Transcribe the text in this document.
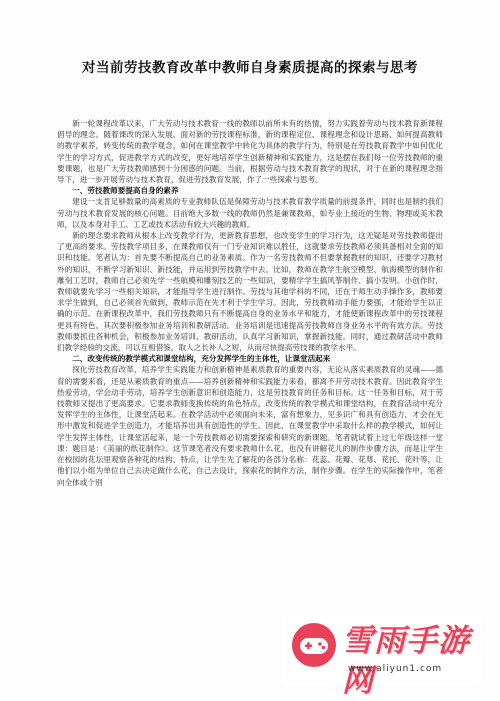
对当前劳技教育改革中教师自身素质提高的探索与思考

新一轮课程改革以来，广大劳动与技术教育一线的教师以前所未有的热情，努力实践着劳动与技术教育新课程倡导的理念。随着课改的深入发展，面对新的劳技课程标准，新的课程定位、课程理念和设计思路、如何提高教师的教学素养，转变传统的教学观念，如何在课堂教学中转化为具体的教学行为，特别是在劳技教育教学中如何优化学生的学习方式，促进教学方式的改变，更好地培养学生创新精神和实践能力，这是摆在我们每一位劳技教师的重要课题，也是广大劳技教师感到十分困惑的问题。当前，根据劳动与技术教育教学的现状，对于在新的课程理念指导下，进一步开展劳动与技术教育，促进劳技教育发展，作了一些探索与思考。

一、劳技教师要提高自身的素养

建设一支肯足够数量的高素质的专业教师队伍是保障劳动与技术教育教学质量的前提条件，同时也是制约我们劳动与技术教育发展的核心问题。目前绝大多数一线的教师仍然是兼课教师，如专业上接近的生物、物理或美术教师，以及本身对手工、工艺或技术活动有较大兴趣的教师。

新的理念要求教师从根本上改变教学行为，更新教育思想，也改变学生的学习行为，这无疑是对劳技教师提出了更高的要求。劳技教学项目多，在课教师仅有一门专业知识难以胜任，这就要求劳技教师必须具备相对全面的知识和技能。笔者认为：首先要不断提高自己的业务素质。作为一名劳技教师不但要掌握教材的知识，还要学习教材外的知识，不断学习新知识、新技能，并运用到劳技教学中去。比如，教师在教学生航空模型、航海模型的制作和雕刻工艺时，教师自己必须先学一些航模和雕刻技艺的一些知识，要精学学生搞风筝制作、搞小发明。小创作时，教师就要先学习一些相关知识，才能指导学生进行制作。劳技与其他学科的不同，还在于师生动手操作多，教师要求学生做到，自己必须首先做到，教师示范在先才利于学生学习。因此，劳技教师动手能力要强，才能给学生以正确的示范。在新课程改革中，我们劳技教师只有不断提高自身的业务水平和能力，才能使新课程改革中的劳技课程更具有特色。其次要积极参加业务培训和教研活动。业务培训是迅速提高劳技教师自身业务水平的有效方法。劳技教师要抓住各种机会，积极参加业务培训、教研活动，认真学习新知识，掌握新技能。同时，通过教研活动中教师们教学经验的交流，可以互相借鉴，取人之长补人之短，从而尽快提高劳技课的教学水平。

二、改变传统的教学模式和课堂结构，充分发挥学生的主体性，让课堂活起来

探化劳技教育改革，培养学生实践能力和创新精神是素质教育的重要内容，无论从落实素质教育的灵魂——德育的需要来看，还是从素质教育的重点——培养创新精神和实践能力来看，都离不开劳动技术教育。因此教育学生热爱劳动，学会动手劳动，培养学生创新意识和创造能力，这是劳技教育的任务和目标。这一任务和目标，对于劳技教师又提出了更高要求。它要求教师变换传统的角色特点，改变传统的教学模式和课堂结构，在教育活动中充分发挥学生的主体性，让课堂活起来。在教学活动中必须面向未来，富有想象力，见多识广和具有创造力，才会在无形中激发和促进学生创造力，才能培养出具有创造性的学生。因此，在课堂教学中采取什么样的教学模式，如何让学生发挥主体性，让课堂活起来，是一个劳技教师必切需要探索和研究的新课题。笔者就试着上过七年级这样一堂课：题目是：《美丽的纸花制作》。这节课笔者没有要求教师什么花，也没有讲解花儿的制作步骤方法，而是让学生在校园的花坛里观察各种花的结构、特点，让学生先了解花的各部分名称：花蕊、花瓣、花萼、花托、花叶等，让他们以小组为单位自己去决定做什么花，自己去设计，探索花的制作方法，制作步骤。在学生的实际操作中，笔者向全体或个别

雪雨手游网
www.aliyun1.com
